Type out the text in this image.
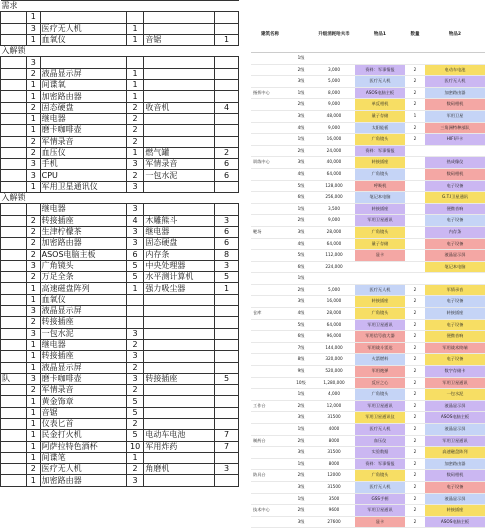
需求					
	1				
	3	医疗无人机	1		
	1	血氧仪	1	音锯	1
入解锁					
	3				
	2	液晶显示屏	1		
	1	间谍氧	1		
	1	加密路由器	1		
	2	固态硬盘	2	收音机	4
	1	继电器	2		
	1	磨卡咖啡壶	2		
	2	军情录音	2		
	2	血压仪	1	燃气罐	2
	3	手机	3	军情录音	6
	3	CPU	2	一包水泥	6
	1	军用卫星通讯仪	3		
入解锁					
		继电器	3		
	2	转接插座	4	木雕熊斗	3
	2	生津柠檬茶	3	继电器	6
	2	加密路由器	3	固态硬盘	6
	2	ASOS电脑主板	6	内存条	8
	3	广角镜头	5	中央处理器	3
	2	万足全条	5	水平测计算机	5
	1	高速磁盘阵列	1	强力吸尘器	1
	1	血氧仪			
	3	液晶显示屏			
	2	转接插座			
	3	一包水泥	3		
	1	继电器	2		
	1	转接插座	3		
	1	液晶显示屏	2		
队	3	磨卡咖啡壶	3	转接插座	5
	2	军情录音	2		
	1	黄金饰章	5		
	1	音锯	5		
	1	仪表匕首	2		
	1	民金打火机	5	电动车电池	7
	1	阿萨拉特色酒杯	10	军用炸药	7
	1	间谍笔	1		
	2	医疗无人机	2	角磨机	3
	1	加密路由器	3		
建筑名称		升级消耗哈夫币	物品1	数量	物品2
	1级				
	2级	3,000	资料：军事情报	2	电动车电池
	3级	5,000	医疗无人机	2	医疗无人机
指挥中心	1级	8,000	ASOS电脑主板	2	加密路由器
	2级	9,000	单反相机	2	数码相机
	3级	48,000	量子存储	1	军用卫星
	4级	9,000	太阳能板	2	三角洲特种部队
	1级	16,000	广角镜头	2	HIFI声卡
	2级	24,000	资料：军事情报		
训练中心	3级	40,000	转接插座		热成像仪
	4级	64,000	广角镜头		数码相机
	5级	128,000	呼吸机		电子设备
	6级	256,000	笔记本电脑		G.T.I卫星通讯
	1级	3,500	转接插座		便携音响
	2级	9,000	军用卫星通讯		电子设备
靶场	3级	28,000	广角镜头		内存条
	4级	64,000	量子存储		电子设备
	5级	112,000	显卡		液晶显示屏
	6级	224,000			笔记本电脑
	1级				
	2级	5,000	医疗无人机	2	军情录音
	3级	16,000	转接插座	2	电子设备
仓库	4级	28,000	广角镜头	2	转接插座
	5级	64,000	军用卫星通讯	2	电子设备
	6级	96,000	军用信号放大器	2	便携音响
	7级	144,000	军用战斗雷达	2	军用战术终端
	8级	320,000	火箭燃料	2	电子设备
	9级	520,000	军用炮弹	2	数字存储卡
	10级	1,280,000	反应之心	2	军用卫星通讯
	1级	4,000	广角镜头	2	一包水泥
工作台	2级	12,000	军用卫星通讯	2	液晶显示屏
	3级	31500	军用卫星通讯仪	2	ASOS电脑主板
	1级	4000	医疗无人机	2	液晶显示屏
制药台	2级	8000	血压仪	2	军用卫星通讯
	3级	31500	实验数据	2	高速磁盘阵列
	1级	8000	资料：军事情报	2	加密路由器
防具台	2级	12000	广角镜头	2	数码相机
	3级	31500	医疗无人机	2	电子设备
	1级	3500	GSS手柄	2	液晶显示屏
技术中心	2级	9600	军用卫星通讯	2	转接插座
	3级	27600	显卡	2	ASOS电脑主板
